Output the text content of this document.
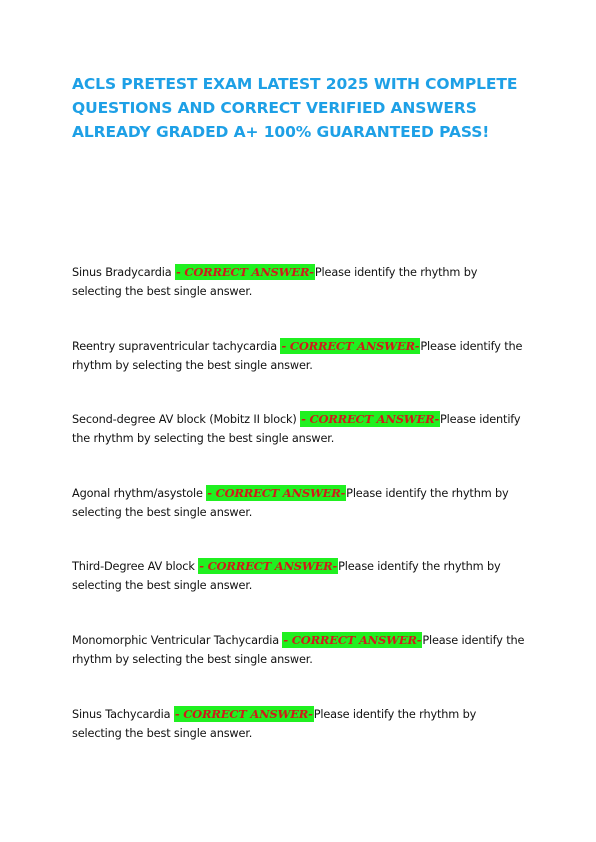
ACLS PRETEST EXAM LATEST 2025 WITH COMPLETE QUESTIONS AND CORRECT VERIFIED ANSWERS ALREADY GRADED A+ 100% GUARANTEED PASS!

Sinus Bradycardia - CORRECT ANSWER-Please identify the rhythm by selecting the best single answer.

Reentry supraventricular tachycardia - CORRECT ANSWER-Please identify the rhythm by selecting the best single answer.

Second-degree AV block (Mobitz II block) - CORRECT ANSWER-Please identify the rhythm by selecting the best single answer.

Agonal rhythm/asystole - CORRECT ANSWER-Please identify the rhythm by selecting the best single answer.

Third-Degree AV block - CORRECT ANSWER-Please identify the rhythm by selecting the best single answer.

Monomorphic Ventricular Tachycardia - CORRECT ANSWER-Please identify the rhythm by selecting the best single answer.

Sinus Tachycardia - CORRECT ANSWER-Please identify the rhythm by selecting the best single answer.
